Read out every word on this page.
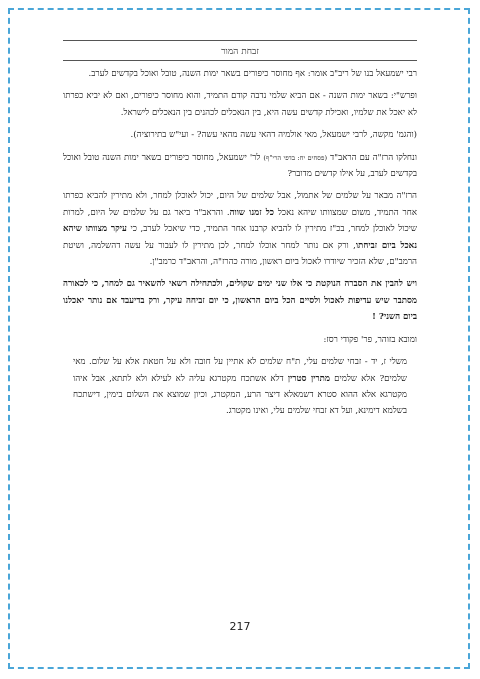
זבחת המור

רבי ישמעאל בנו של ריב"ב אומר: אף מחוסר כיפורים בשאר ימות השנה, טובל ואוכל בקדשים לערב.

ופרש"י: בשאר ימות השנה - אם הביא שלמי נדבה קודם התמיד, והוא מחוסר כיפורים, ואם לא יביא כפרתו לא יאכל את שלמיו, ואכילת קדשים עשה היא, בין הנאכלים לכהנים בין הנאכלים לישראל.

(והגמ' מקשה, לרבי ישמעאל, מאי אולמיה דהאי עשה מהאי עשה? - ועי"ש בתירוציה).

ונחלקו הרז"ה עם הראב"ד (פסחים יח: בדפי הרי"ף) לר' ישמעאל, מחוסר כיפורים בשאר ימות השנה טובל ואוכל בקדשים לערב, על אילו קדשים מדובר?

הרז"ה מבאר על שלמים של אתמול, אבל שלמים של היום, יכול לאוכלן למחר, ולא מתירין להביא כפרתו אחר התמיד, משום שמצוותו שיהא נאכל כל זמנו שווה. והראב"ד ביאר גם על שלמים של היום, למרות שיכול לאוכלן למחר, בכ"ז מתירין לו להביא קרבנו אחר התמיד, כדי שיאכל לערב, כי עיקר מצוותו שיהא נאכל ביום זביחתו, ורק אם נותר למחר אוכלו למחר, לכן מתירין לו לעבור על עשה דהשלמה, ושיטת הרמב"ם, שלא הזכיר שיודרו לאכול ביום ראשון, מורה כהרז"ה, והראב"ד כרמב"ן.

ויש להבין את הסברה הנוקטת כי אלו שני ימים שקולים, ולכתחילה רשאי להשאיר גם למחר, כי לכאורה מסתבר שיש עדיפות לאכול ולסיים הכל ביום הראשון, כי יום זביחה עיקר, ורק בדיעבד אם נותר יאכלנו ביום השני? !

ומובא בזוהר, פר' פקודי רסז:

משלי ז, יד - זבחי שלמים עלי, ת"ח שלמים לא אתיין על חובה ולא על חטאת אלא על שלום. מאי שלמים? אלא שלמים מתרין סטרין דלא אשתכח מקטרגא עליה לא לעילא ולא לתתא, אבל איהו מקטרגא אלא ההוא סטרא דשמאלא דיצר הרע, המקטרג, וכיון שמוצא את השלום בימין, דישתכח בשלמא דימינא, ועל דא זבחי שלמים עלי, ואינו מקטרג.

217
